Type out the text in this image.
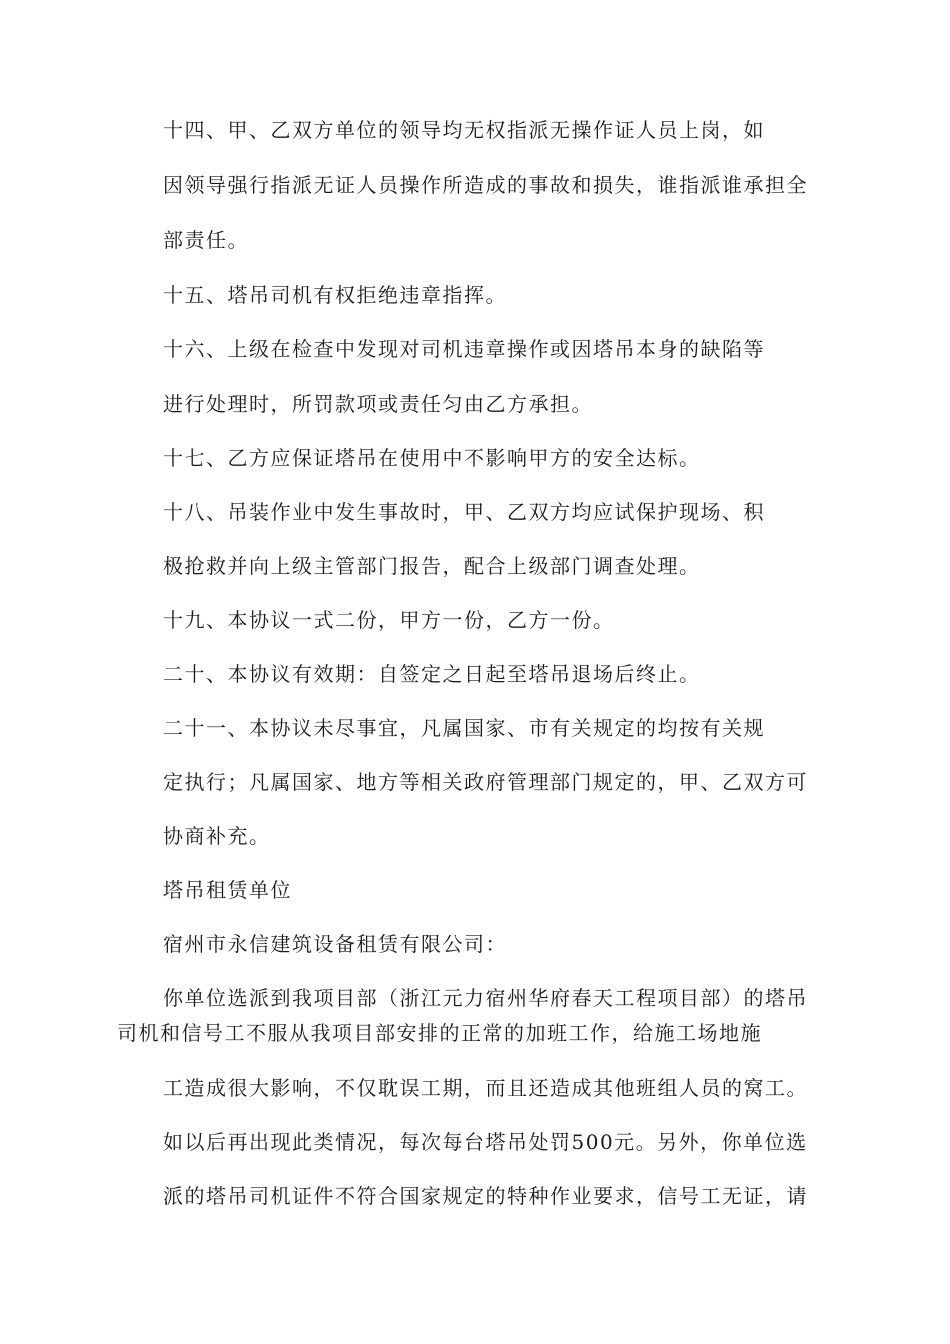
十四、甲、乙双方单位的领导均无权指派无操作证人员上岗，如
因领导强行指派无证人员操作所造成的事故和损失，谁指派谁承担全
部责任。
十五、塔吊司机有权拒绝违章指挥。
十六、上级在检查中发现对司机违章操作或因塔吊本身的缺陷等
进行处理时，所罚款项或责任匀由乙方承担。
十七、乙方应保证塔吊在使用中不影响甲方的安全达标。
十八、吊装作业中发生事故时，甲、乙双方均应试保护现场、积
极抢救并向上级主管部门报告，配合上级部门调查处理。
十九、本协议一式二份，甲方一份，乙方一份。
二十、本协议有效期：自签定之日起至塔吊退场后终止。
二十一、本协议未尽事宜，凡属国家、市有关规定的均按有关规
定执行；凡属国家、地方等相关政府管理部门规定的，甲、乙双方可
协商补充。
塔吊租赁单位
宿州市永信建筑设备租赁有限公司：
你单位选派到我项目部（浙江元力宿州华府春天工程项目部）的塔吊
司机和信号工不服从我项目部安排的正常的加班工作，给施工场地施
工造成很大影响，不仅耽误工期，而且还造成其他班组人员的窝工。
如以后再出现此类情况，每次每台塔吊处罚500元。另外，你单位选
派的塔吊司机证件不符合国家规定的特种作业要求，信号工无证，请
